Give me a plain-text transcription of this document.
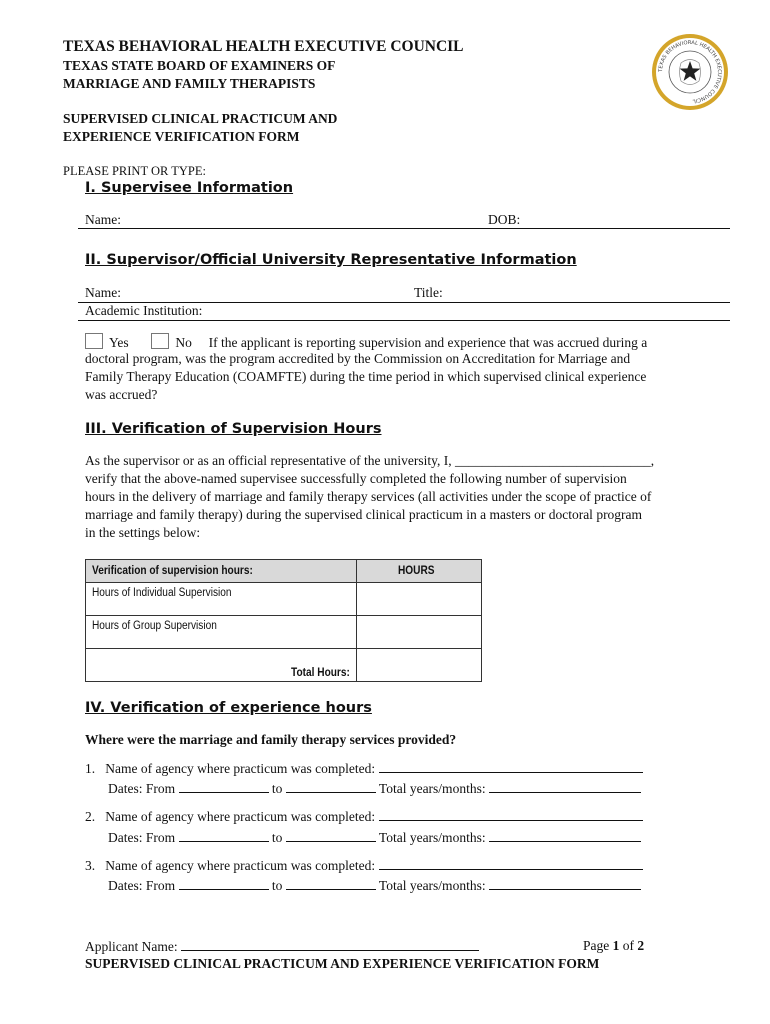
TEXAS BEHAVIORAL HEALTH EXECUTIVE COUNCIL
TEXAS STATE BOARD OF EXAMINERS OF
MARRIAGE AND FAMILY THERAPISTS
SUPERVISED CLINICAL PRACTICUM AND
EXPERIENCE VERIFICATION FORM
PLEASE PRINT OR TYPE:
TEXAS BEHAVIORAL HEALTH EXECUTIVE COUNCIL
I. Supervisee Information
Name:	DOB:
II. Supervisor/Official University Representative Information
Name:	Title:
Academic Institution:
Yes	No If the applicant is reporting supervision and experience that was accrued during a
doctoral program, was the program accredited by the Commission on Accreditation for Marriage and
Family Therapy Education (COAMFTE) during the time period in which supervised clinical experience
was accrued?
III. Verification of Supervision Hours
As the supervisor or as an official representative of the university, I, _____________________________,
verify that the above-named supervisee successfully completed the following number of supervision
hours in the delivery of marriage and family therapy services (all activities under the scope of practice of
marriage and family therapy) during the supervised clinical practicum in a masters or doctoral program
in the settings below:
Verification of supervision hours:	HOURS
Hours of Individual Supervision	
Hours of Group Supervision	
Total Hours:	
IV. Verification of experience hours
Where were the marriage and family therapy services provided?
1. Name of agency where practicum was completed:
Dates: From	to	Total years/months:
2. Name of agency where practicum was completed:
Dates: From	to	Total years/months:
3. Name of agency where practicum was completed:
Dates: From	to	Total years/months:
Applicant Name:	Page 1 of 2
SUPERVISED CLINICAL PRACTICUM AND EXPERIENCE VERIFICATION FORM
